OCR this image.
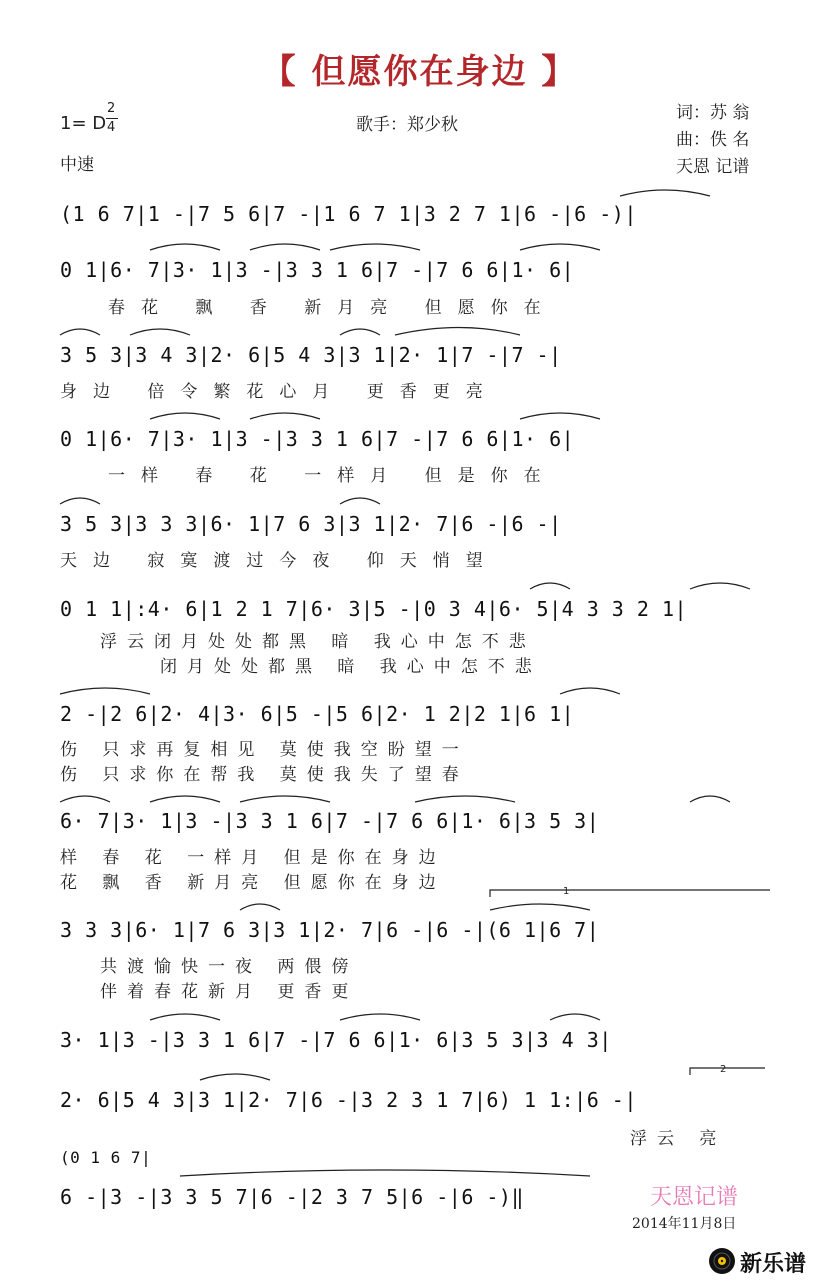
【 但愿你在身边 】
1= D
2
4
中速
歌手：郑少秋
词：苏 翁
曲：佚 名
天恩 记谱
(1 6 7|1 -|7 5 6|7 -|1 6 7 1|3 2 7 1|6 -|6 -)|
0 1|6· 7|3· 1|3 -|3 3 1 6|7 -|7 6 6|1· 6|
春花 飘 香 新月亮 但愿你在
3 5 3|3 4 3|2· 6|5 4 3|3 1|2· 1|7 -|7 -|
身边 倍令繁花心月 更香更亮
0 1|6· 7|3· 1|3 -|3 3 1 6|7 -|7 6 6|1· 6|
一样 春 花 一样月 但是你在
3 5 3|3 3 3|6· 1|7 6 3|3 1|2· 7|6 -|6 -|
天边 寂寞渡过今夜 仰天悄望
0 1 1|:4· 6|1 2 1 7|6· 3|5 -|0 3 4|6· 5|4 3 3 2 1|
浮云闭月处处都黑 暗 我心中怎不悲
闭月处处都黑 暗 我心中怎不悲
2 -|2 6|2· 4|3· 6|5 -|5 6|2· 1 2|2 1|6 1|
伤 只求再复相见 莫使我空盼望一
伤 只求你在帮我 莫使我失了望春
6· 7|3· 1|3 -|3 3 1 6|7 -|7 6 6|1· 6|3 5 3|
样 春 花 一样月 但是你在身边
花 飘 香 新月亮 但愿你在身边
3 3 3|6· 1|7 6 3|3 1|2· 7|6 -|6 -|(6 1|6 7|
共渡愉快一夜 两偎傍
伴着春花新月 更香更
3· 1|3 -|3 3 1 6|7 -|7 6 6|1· 6|3 5 3|3 4 3|
2· 6|5 4 3|3 1|2· 7|6 -|3 2 3 1 7|6) 1 1:|6 -|
浮云 亮
(0 1 6 7|
6 -|3 -|3 3 5 7|6 -|2 3 7 5|6 -|6 -)‖
1
2
天恩记谱
2014年11月8日
新乐谱
